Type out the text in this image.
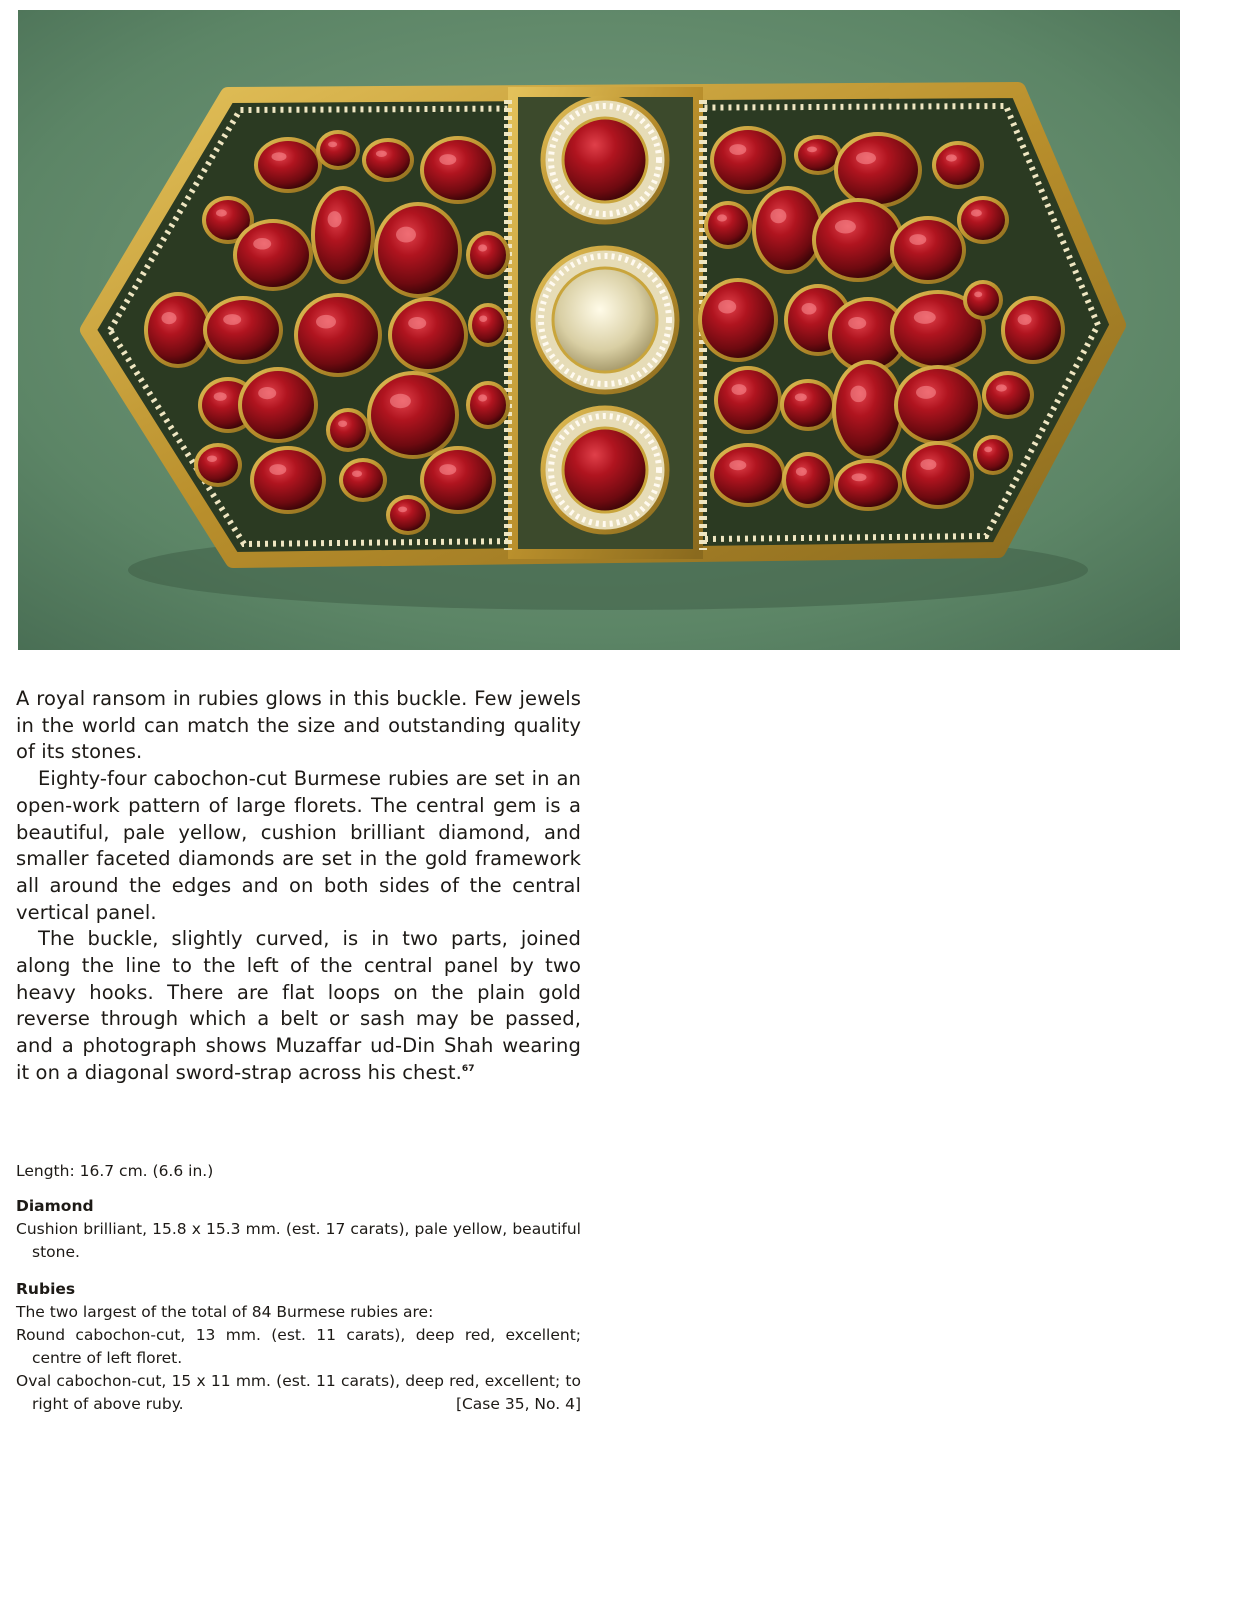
A royal ransom in rubies glows in this buckle. Few jewels in the world can match the size and outstanding quality of its stones.

Eighty-four cabochon-cut Burmese rubies are set in an open-work pattern of large florets. The central gem is a beautiful, pale yellow, cushion brilliant diamond, and smaller faceted diamonds are set in the gold framework all around the edges and on both sides of the central vertical panel.

The buckle, slightly curved, is in two parts, joined along the line to the left of the central panel by two heavy hooks. There are flat loops on the plain gold reverse through which a belt or sash may be passed, and a photograph shows Muzaffar ud-Din Shah wearing it on a diagonal sword-strap across his chest.$^{67}$

Length: 16.7 cm. (6.6 in.)

Diamond

Cushion brilliant, 15.8 x 15.3 mm. (est. 17 carats), pale yellow, beautiful stone.

Rubies

The two largest of the total of 84 Burmese rubies are:

Round cabochon-cut, 13 mm. (est. 11 carats), deep red, excellent; centre of left floret.

Oval cabochon-cut, 15 x 11 mm. (est. 11 carats), deep red, excellent; to right of above ruby.	[Case 35, No. 4]
